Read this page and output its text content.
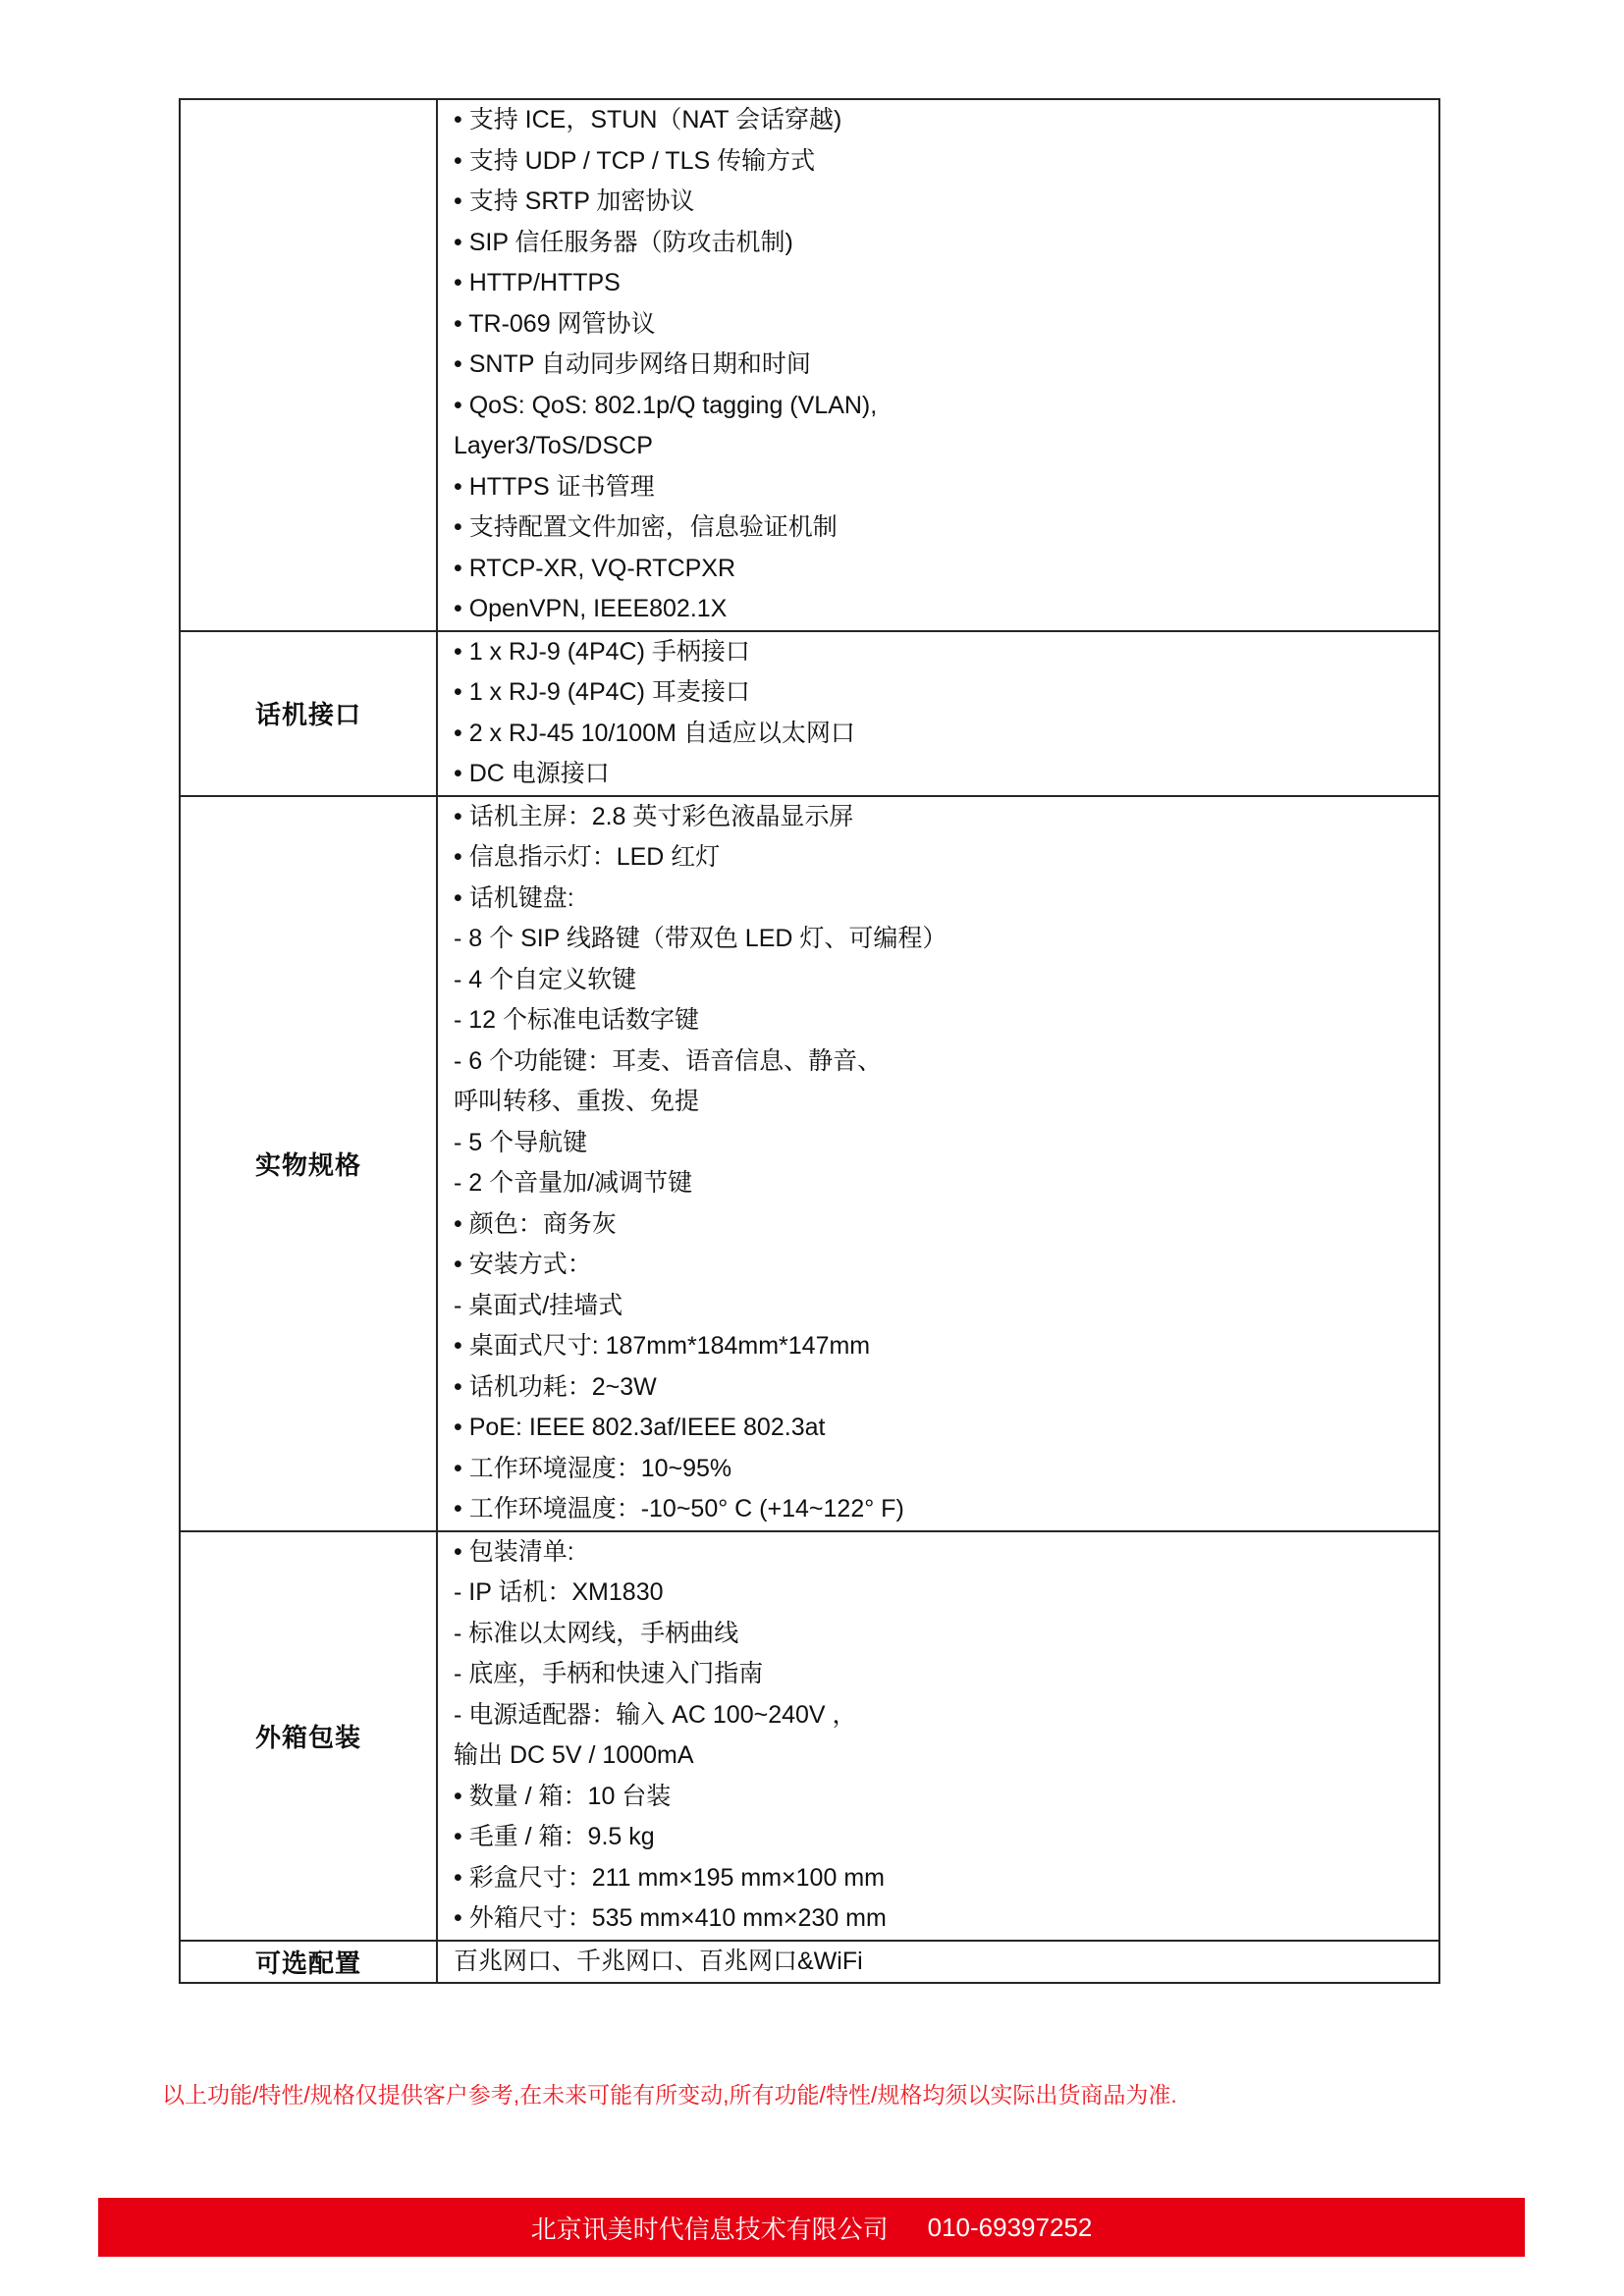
• 支持 ICE，STUN（NAT 会话穿越)
• 支持 UDP / TCP / TLS 传输方式
• 支持 SRTP 加密协议
• SIP 信任服务器（防攻击机制)
• HTTP/HTTPS
• TR-069 网管协议
• SNTP 自动同步网络日期和时间
• QoS: QoS: 802.1p/Q tagging (VLAN),
Layer3/ToS/DSCP
• HTTPS 证书管理
• 支持配置文件加密，信息验证机制
• RTCP-XR, VQ-RTCPXR
• OpenVPN, IEEE802.1X
话机接口
• 1 x RJ-9 (4P4C) 手柄接口
• 1 x RJ-9 (4P4C) 耳麦接口
• 2 x RJ-45 10/100M 自适应以太网口
• DC 电源接口
实物规格
• 话机主屏：2.8 英寸彩色液晶显示屏
• 信息指示灯：LED 红灯
• 话机键盘:
- 8 个 SIP 线路键（带双色 LED 灯、可编程）
- 4 个自定义软键
- 12 个标准电话数字键
- 6 个功能键：耳麦、语音信息、静音、
呼叫转移、重拨、免提
- 5 个导航键
- 2 个音量加/减调节键
• 颜色：商务灰
• 安装方式：
- 桌面式/挂墙式
• 桌面式尺寸: 187mm*184mm*147mm
• 话机功耗：2~3W
• PoE: IEEE 802.3af/IEEE 802.3at
• 工作环境湿度：10~95%
• 工作环境温度：-10~50° C (+14~122° F)
外箱包装
• 包装清单:
- IP 话机：XM1830
- 标准以太网线，手柄曲线
- 底座，手柄和快速入门指南
- 电源适配器：输入 AC 100~240V ，
输出 DC 5V / 1000mA
• 数量 / 箱：10 台装
• 毛重 / 箱：9.5 kg
• 彩盒尺寸：211 mm×195 mm×100 mm
• 外箱尺寸：535 mm×410 mm×230 mm
可选配置	百兆网口、千兆网口、百兆网口&WiFi
以上功能/特性/规格仅提供客户参考,在未来可能有所变动,所有功能/特性/规格均须以实际出货商品为准.
北京讯美时代信息技术有限公司 010-69397252
